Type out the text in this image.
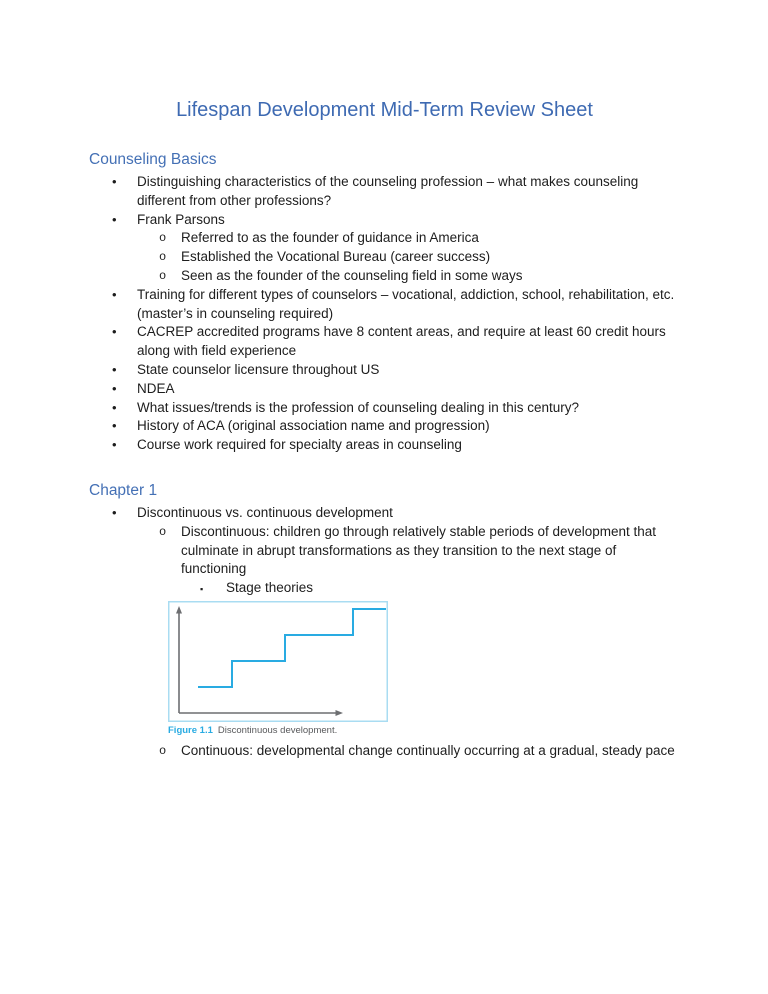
Lifespan Development Mid-Term Review Sheet
Counseling Basics
• Distinguishing characteristics of the counseling profession – what makes counseling different from other professions?
• Frank Parsons
o Referred to as the founder of guidance in America
o Established the Vocational Bureau (career success)
o Seen as the founder of the counseling field in some ways
• Training for different types of counselors – vocational, addiction, school, rehabilitation, etc. (master’s in counseling required)
• CACREP accredited programs have 8 content areas, and require at least 60 credit hours along with field experience
• State counselor licensure throughout US
• NDEA
• What issues/trends is the profession of counseling dealing in this century?
• History of ACA (original association name and progression)
• Course work required for specialty areas in counseling
Chapter 1
• Discontinuous vs. continuous development
o Discontinuous: children go through relatively stable periods of development that culminate in abrupt transformations as they transition to the next stage of functioning
▪ Stage theories
Figure 1.1 Discontinuous development.
o Continuous: developmental change continually occurring at a gradual, steady pace
